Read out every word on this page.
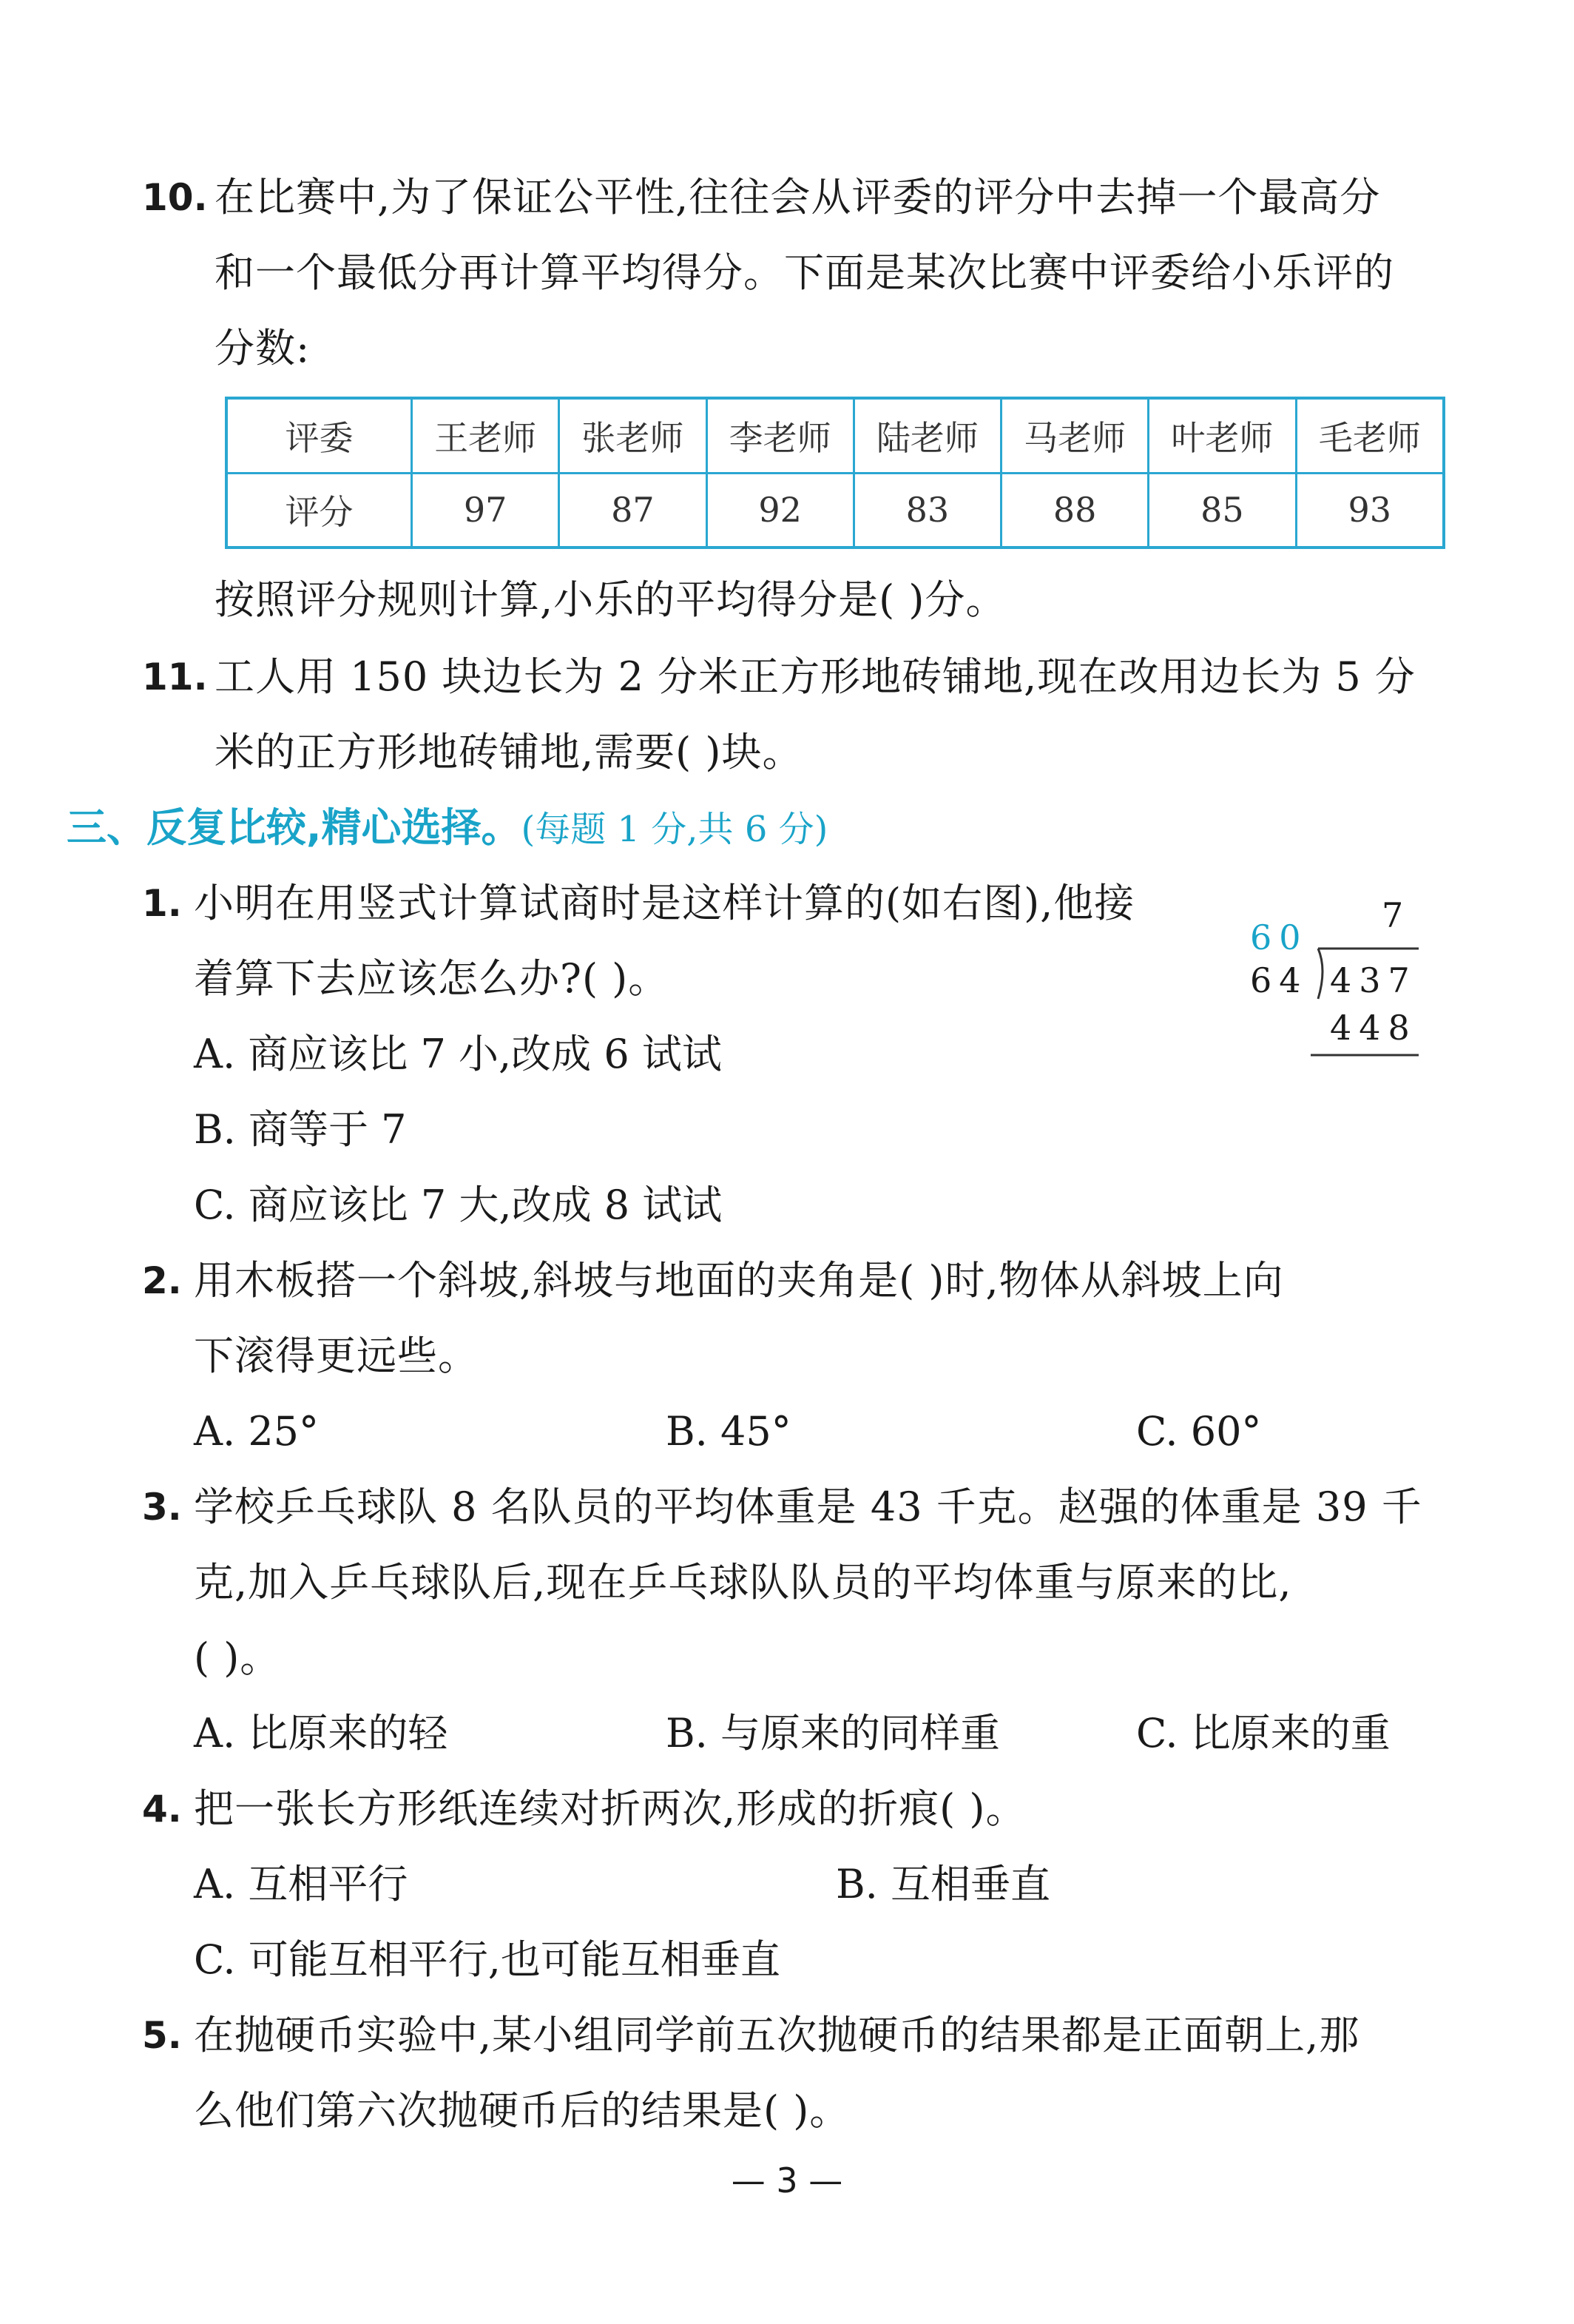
10. 在比赛中,为了保证公平性,往往会从评委的评分中去掉一个最高分
和一个最低分再计算平均得分。下面是某次比赛中评委给小乐评的
分数:
评委	王老师	张老师	李老师	陆老师	马老师	叶老师	毛老师
评分	97	87	92	83	88	85	93
按照评分规则计算,小乐的平均得分是( )分。
11. 工人用 150 块边长为 2 分米正方形地砖铺地,现在改用边长为 5 分
米的正方形地砖铺地,需要( )块。
三、反复比较,精心选择。(每题 1 分,共 6 分)
1. 小明在用竖式计算试商时是这样计算的(如右图),他接
着算下去应该怎么办?( )。
A. 商应该比 7 小,改成 6 试试
B. 商等于 7
C. 商应该比 7 大,改成 8 试试
60
7
64 437
448
2. 用木板搭一个斜坡,斜坡与地面的夹角是( )时,物体从斜坡上向
下滚得更远些。
A. 25°	B. 45°	C. 60°
3. 学校乒乓球队 8 名队员的平均体重是 43 千克。赵强的体重是 39 千
克,加入乒乓球队后,现在乒乓球队队员的平均体重与原来的比,
( )。
A. 比原来的轻	B. 与原来的同样重	C. 比原来的重
4. 把一张长方形纸连续对折两次,形成的折痕( )。
A. 互相平行	B. 互相垂直
C. 可能互相平行,也可能互相垂直
5. 在抛硬币实验中,某小组同学前五次抛硬币的结果都是正面朝上,那
么他们第六次抛硬币后的结果是( )。
— 3 —
